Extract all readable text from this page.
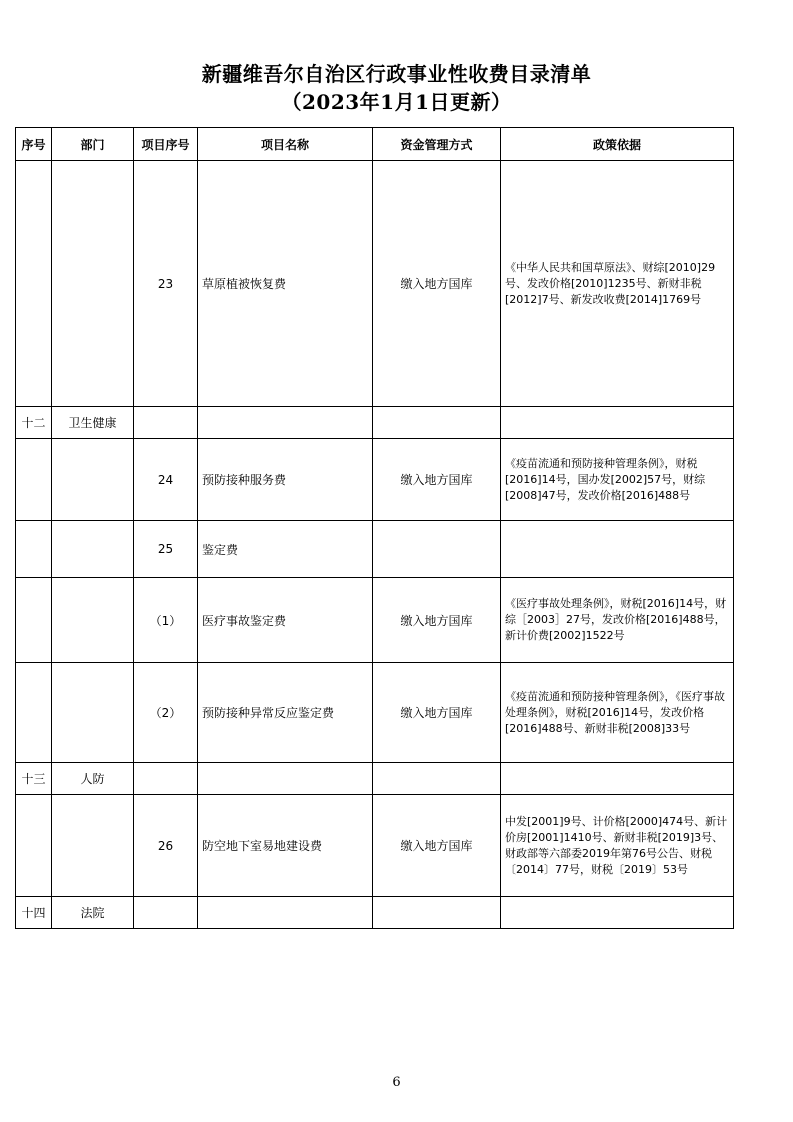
新疆维吾尔自治区行政事业性收费目录清单
（2023年1月1日更新）
序号	部门	项目序号	项目名称	资金管理方式	政策依据
		23	草原植被恢复费	缴入地方国库	《中华人民共和国草原法》、财综[2010]29号、发改价格[2010]1235号、新财非税[2012]7号、新发改收费[2014]1769号
十二	卫生健康				
		24	预防接种服务费	缴入地方国库	《疫苗流通和预防接种管理条例》，财税[2016]14号，国办发[2002]57号，财综[2008]47号，发改价格[2016]488号
		25	鉴定费		
		（1）	医疗事故鉴定费	缴入地方国库	《医疗事故处理条例》，财税[2016]14号，财综［2003］27号，发改价格[2016]488号，新计价费[2002]1522号
		（2）	预防接种异常反应鉴定费	缴入地方国库	《疫苗流通和预防接种管理条例》，《医疗事故处理条例》，财税[2016]14号，发改价格[2016]488号、新财非税[2008]33号
十三	人防				
		26	防空地下室易地建设费	缴入地方国库	中发[2001]9号、计价格[2000]474号、新计价房[2001]1410号、新财非税[2019]3号、财政部等六部委2019年第76号公告、财税〔2014〕77号，财税〔2019〕53号
十四	法院				
6
